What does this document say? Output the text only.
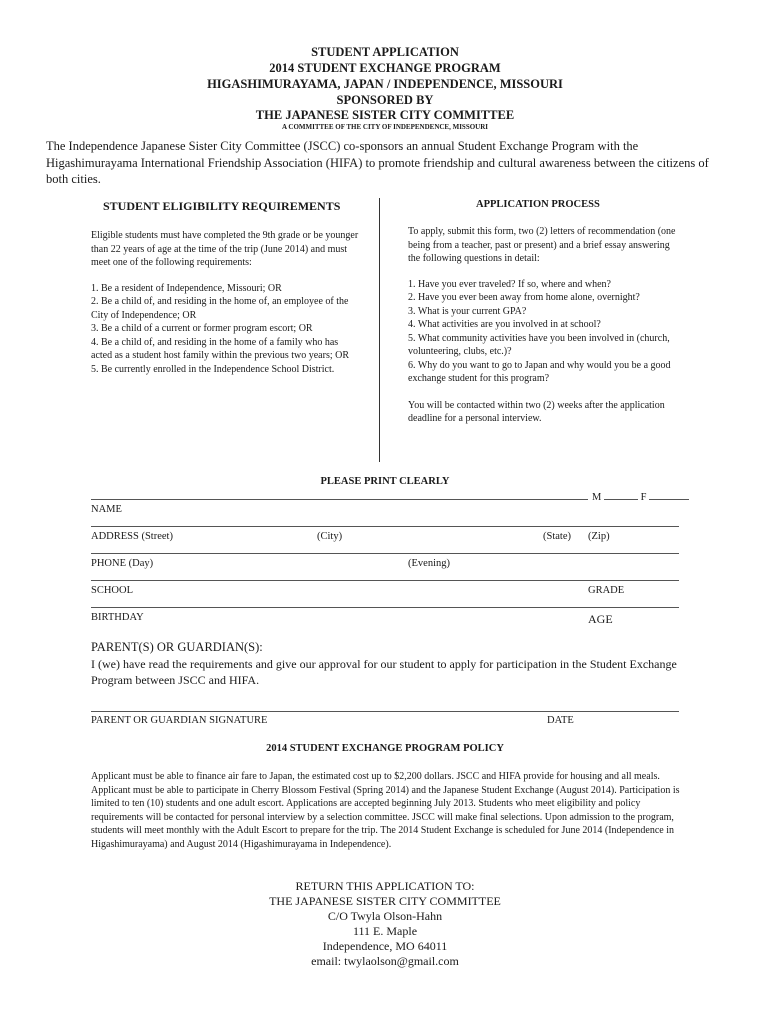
STUDENT APPLICATION
2014 STUDENT EXCHANGE PROGRAM
HIGASHIMURAYAMA, JAPAN / INDEPENDENCE, MISSOURI
SPONSORED BY
THE JAPANESE SISTER CITY COMMITTEE
A COMMITTEE OF THE CITY OF INDEPENDENCE, MISSOURI
The Independence Japanese Sister City Committee (JSCC) co-sponsors an annual Student Exchange Program with the Higashimurayama International Friendship Association (HIFA) to promote friendship and cultural awareness between the citizens of both cities.
STUDENT ELIGIBILITY REQUIREMENTS
Eligible students must have completed the 9th grade or be younger than 22 years of age at the time of the trip (June 2014) and must meet one of the following requirements:
1. Be a resident of Independence, Missouri; OR
2. Be a child of, and residing in the home of, an employee of the City of Independence; OR
3. Be a child of a current or former program escort; OR
4. Be a child of, and residing in the home of a family who has acted as a student host family within the previous two years; OR
5. Be currently enrolled in the Independence School District.
APPLICATION PROCESS
To apply, submit this form, two (2) letters of recommendation (one being from a teacher, past or present) and a brief essay answering the following questions in detail:
1. Have you ever traveled? If so, where and when?
2. Have you ever been away from home alone, overnight?
3. What is your current GPA?
4. What activities are you involved in at school?
5. What community activities have you been involved in (church, volunteering, clubs, etc.)?
6. Why do you want to go to Japan and why would you be a good exchange student for this program?
You will be contacted within two (2) weeks after the application deadline for a personal interview.
PLEASE PRINT CLEARLY
M	F
NAME
ADDRESS (Street)	(City)	(State) (Zip)
PHONE (Day)	(Evening)
SCHOOL	GRADE
BIRTHDAY	AGE
PARENT(S) OR GUARDIAN(S):
I (we) have read the requirements and give our approval for our student to apply for participation in the Student Exchange Program between JSCC and HIFA.
PARENT OR GUARDIAN SIGNATURE	DATE
2014 STUDENT EXCHANGE PROGRAM POLICY
Applicant must be able to finance air fare to Japan, the estimated cost up to $2,200 dollars. JSCC and HIFA provide for housing and all meals. Applicant must be able to participate in Cherry Blossom Festival (Spring 2014) and the Japanese Student Exchange (August 2014). Participation is limited to ten (10) students and one adult escort. Applications are accepted beginning July 2013. Students who meet eligibility and policy requirements will be contacted for personal interview by a selection committee. JSCC will make final selections. Upon admission to the program, students will meet monthly with the Adult Escort to prepare for the trip. The 2014 Student Exchange is scheduled for June 2014 (Independence in Higashimurayama) and August 2014 (Higashimurayama in Independence).
RETURN THIS APPLICATION TO:
THE JAPANESE SISTER CITY COMMITTEE
C/O Twyla Olson-Hahn
111 E. Maple
Independence, MO 64011
email: twylaolson@gmail.com
